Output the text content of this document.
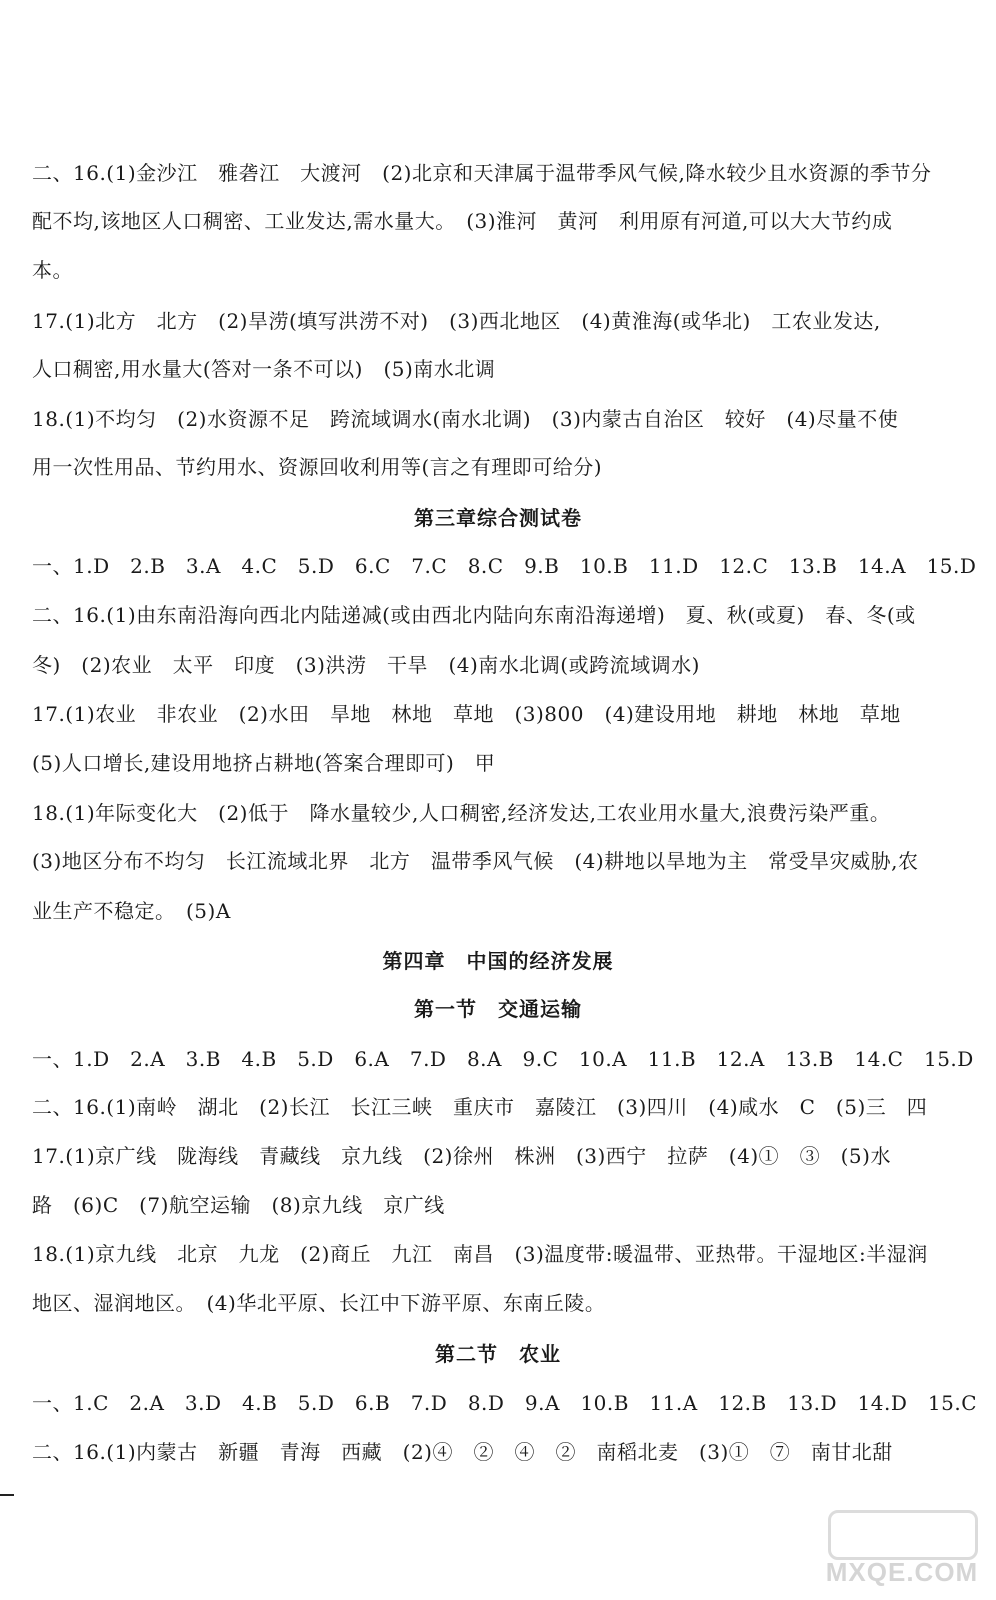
二、16.(1)金沙江　雅砻江　大渡河　(2)北京和天津属于温带季风气候,降水较少且水资源的季节分
配不均,该地区人口稠密、工业发达,需水量大。　(3)淮河　黄河　利用原有河道,可以大大节约成
本。
17.(1)北方　北方　(2)旱涝(填写洪涝不对)　(3)西北地区　(4)黄淮海(或华北)　工农业发达,
人口稠密,用水量大(答对一条不可以)　(5)南水北调
18.(1)不均匀　(2)水资源不足　跨流域调水(南水北调)　(3)内蒙古自治区　较好　(4)尽量不使
用一次性用品、节约用水、资源回收利用等(言之有理即可给分)
第三章综合测试卷
一、1.D　2.B　3.A　4.C　5.D　6.C　7.C　8.C　9.B　10.B　11.D　12.C　13.B　14.A　15.D
二、16.(1)由东南沿海向西北内陆递减(或由西北内陆向东南沿海递增)　夏、秋(或夏)　春、冬(或
冬)　(2)农业　太平　印度　(3)洪涝　干旱　(4)南水北调(或跨流域调水)
17.(1)农业　非农业　(2)水田　旱地　林地　草地　(3)800　(4)建设用地　耕地　林地　草地
(5)人口增长,建设用地挤占耕地(答案合理即可)　甲
18.(1)年际变化大　(2)低于　降水量较少,人口稠密,经济发达,工农业用水量大,浪费污染严重。
(3)地区分布不均匀　长江流域北界　北方　温带季风气候　(4)耕地以旱地为主　常受旱灾威胁,农
业生产不稳定。　(5)A
第四章　中国的经济发展
第一节　交通运输
一、1.D　2.A　3.B　4.B　5.D　6.A　7.D　8.A　9.C　10.A　11.B　12.A　13.B　14.C　15.D
二、16.(1)南岭　湖北　(2)长江　长江三峡　重庆市　嘉陵江　(3)四川　(4)咸水　C　(5)三　四
17.(1)京广线　陇海线　青藏线　京九线　(2)徐州　株洲　(3)西宁　拉萨　(4)①　③　(5)水
路　(6)C　(7)航空运输　(8)京九线　京广线
18.(1)京九线　北京　九龙　(2)商丘　九江　南昌　(3)温度带:暖温带、亚热带。干湿地区:半湿润
地区、湿润地区。　(4)华北平原、长江中下游平原、东南丘陵。
第二节　农业
一、1.C　2.A　3.D　4.B　5.D　6.B　7.D　8.D　9.A　10.B　11.A　12.B　13.D　14.D　15.C
二、16.(1)内蒙古　新疆　青海　西藏　(2)④　②　④　②　南稻北麦　(3)①　⑦　南甘北甜
MXQE.COM
